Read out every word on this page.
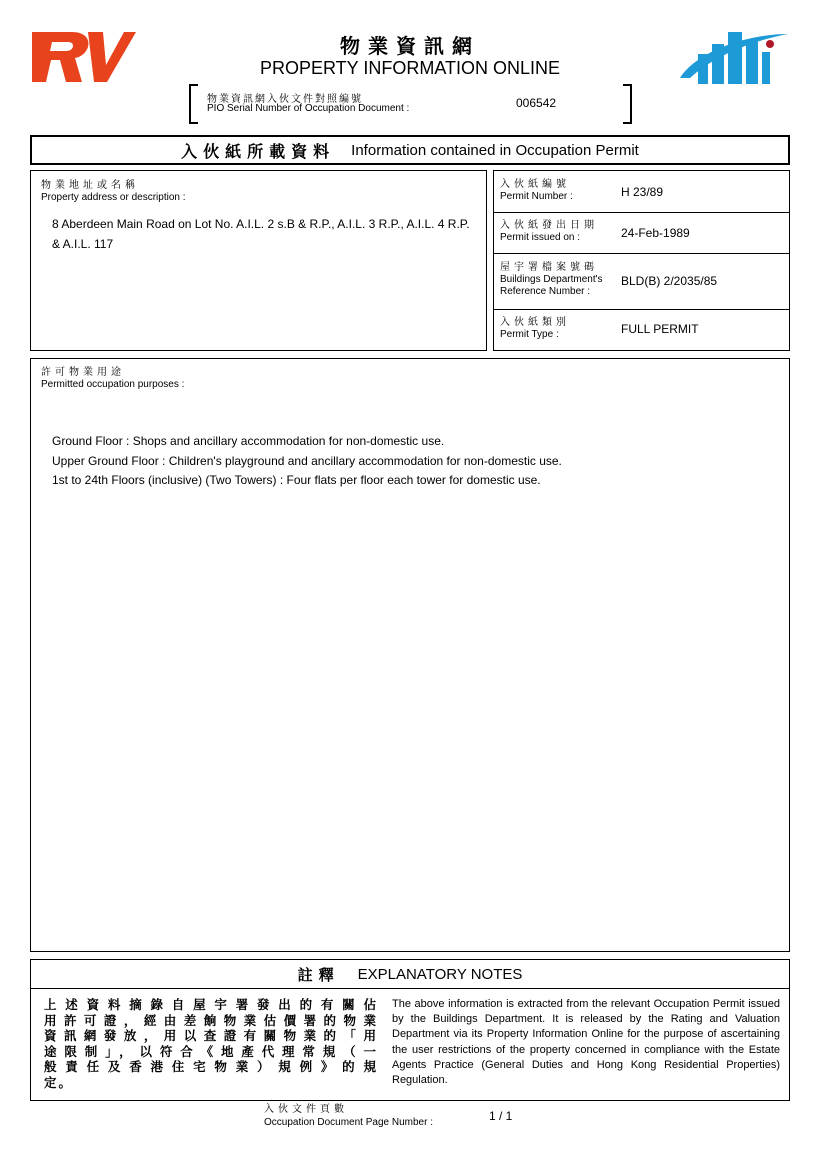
物業資訊網
PROPERTY INFORMATION ONLINE
物業資訊網入伙文件對照編號
PIO Serial Number of Occupation Document :	006542
入伙紙所載資料 Information contained in Occupation Permit
物業地址或名稱
Property address or description :
8 Aberdeen Main Road on Lot No. A.I.L. 2 s.B & R.P., A.I.L. 3 R.P., A.I.L. 4 R.P. & A.I.L. 117
入伙紙編號
Permit Number :	H 23/89
入伙紙發出日期
Permit issued on :	24-Feb-1989
屋宇署檔案號碼
Buildings Department's
Reference Number :
BLD(B) 2/2035/85
入伙紙類別
Permit Type :	FULL PERMIT
許可物業用途
Permitted occupation purposes :
Ground Floor : Shops and ancillary accommodation for non-domestic use.
Upper Ground Floor : Children's playground and ancillary accommodation for non-domestic use.
1st to 24th Floors (inclusive) (Two Towers) : Four flats per floor each tower for domestic use.
註釋 EXPLANATORY NOTES
上述資料摘錄自屋宇署發出的有關佔
用許可證，經由差餉物業估價署的物業
資訊網發放，用以查證有關物業的「用
途限制」，以符合《地產代理常規（一
般責任及香港住宅物業）規例》的規
定。
The above information is extracted from the relevant Occupation Permit issued by the Buildings Department. It is released by the Rating and Valuation Department via its Property Information Online for the purpose of ascertaining the user restrictions of the property concerned in compliance with the Estate Agents Practice (General Duties and Hong Kong Residential Properties) Regulation.
入伙文件頁數
Occupation Document Page Number :	1 / 1
